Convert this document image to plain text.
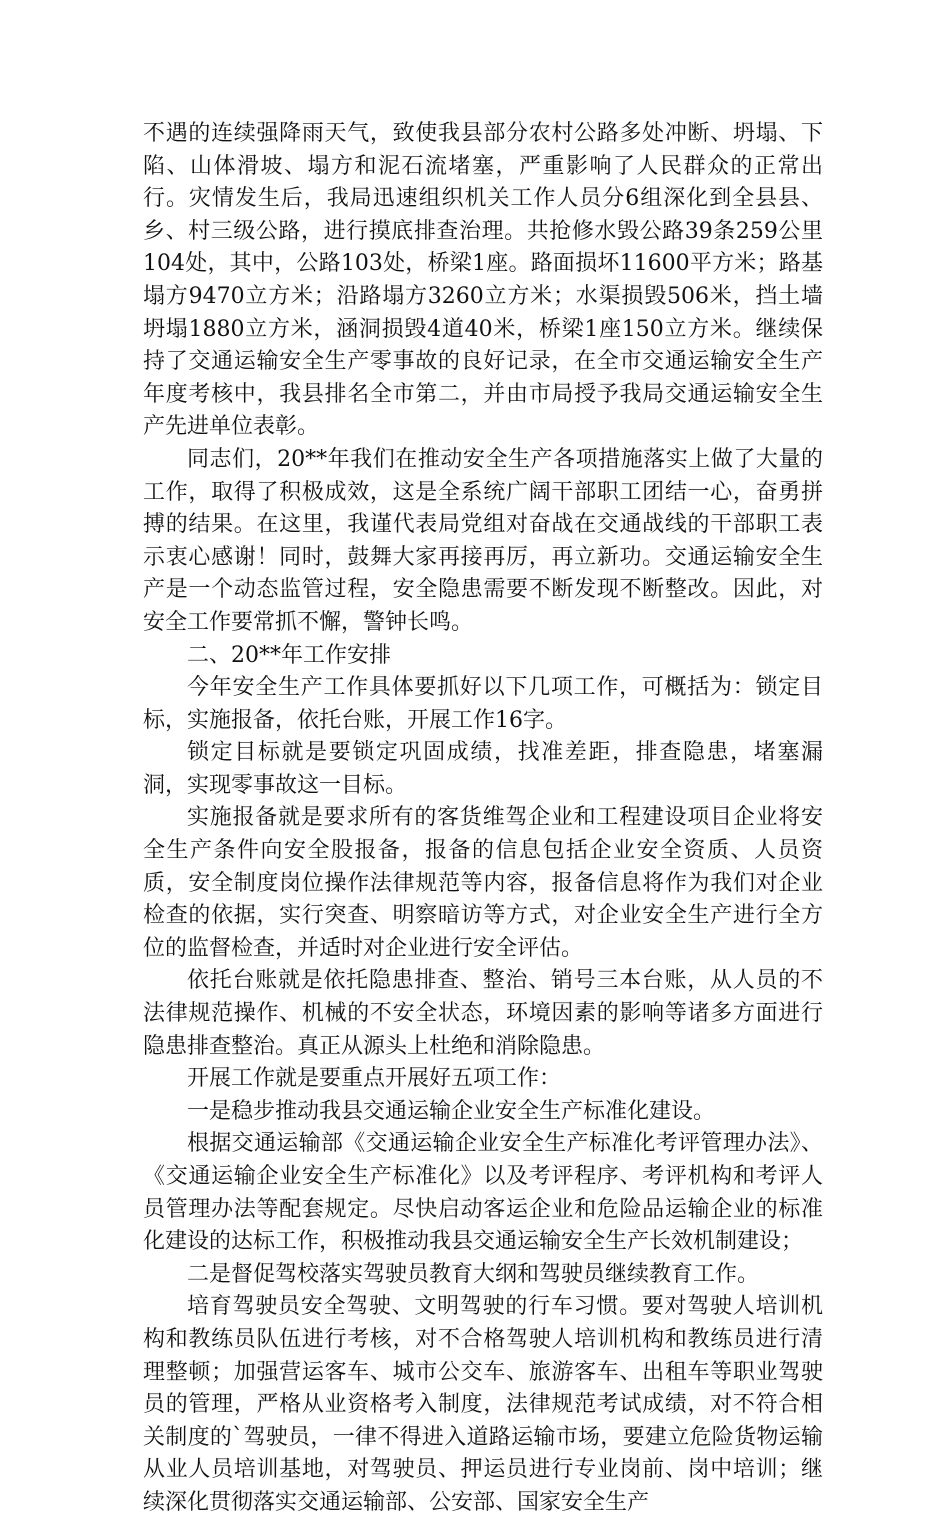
不遇的连续强降雨天气，致使我县部分农村公路多处冲断、坍塌、下陷、山体滑坡、塌方和泥石流堵塞，严重影响了人民群众的正常出行。灾情发生后，我局迅速组织机关工作人员分6组深化到全县县、乡、村三级公路，进行摸底排查治理。共抢修水毁公路39条259公里104处，其中，公路103处，桥梁1座。路面损坏11600平方米；路基塌方9470立方米；沿路塌方3260立方米；水渠损毁506米，挡土墙坍塌1880立方米，涵洞损毁4道40米，桥梁1座150立方米。继续保持了交通运输安全生产零事故的良好记录，在全市交通运输安全生产年度考核中，我县排名全市第二，并由市局授予我局交通运输安全生产先进单位表彰。

同志们，20**年我们在推动安全生产各项措施落实上做了大量的工作，取得了积极成效，这是全系统广阔干部职工团结一心，奋勇拼搏的结果。在这里，我谨代表局党组对奋战在交通战线的干部职工表示衷心感谢！同时，鼓舞大家再接再厉，再立新功。交通运输安全生产是一个动态监管过程，安全隐患需要不断发现不断整改。因此，对安全工作要常抓不懈，警钟长鸣。

二、20**年工作安排

今年安全生产工作具体要抓好以下几项工作，可概括为：锁定目标，实施报备，依托台账，开展工作16字。

锁定目标就是要锁定巩固成绩，找准差距，排查隐患，堵塞漏洞，实现零事故这一目标。

实施报备就是要求所有的客货维驾企业和工程建设项目企业将安全生产条件向安全股报备，报备的信息包括企业安全资质、人员资质，安全制度岗位操作法律规范等内容，报备信息将作为我们对企业检查的依据，实行突查、明察暗访等方式，对企业安全生产进行全方位的监督检查，并适时对企业进行安全评估。

依托台账就是依托隐患排查、整治、销号三本台账，从人员的不法律规范操作、机械的不安全状态，环境因素的影响等诸多方面进行隐患排查整治。真正从源头上杜绝和消除隐患。

开展工作就是要重点开展好五项工作：

一是稳步推动我县交通运输企业安全生产标准化建设。

根据交通运输部《交通运输企业安全生产标准化考评管理办法》、《交通运输企业安全生产标准化》以及考评程序、考评机构和考评人员管理办法等配套规定。尽快启动客运企业和危险品运输企业的标准化建设的达标工作，积极推动我县交通运输安全生产长效机制建设；

二是督促驾校落实驾驶员教育大纲和驾驶员继续教育工作。

培育驾驶员安全驾驶、文明驾驶的行车习惯。要对驾驶人培训机构和教练员队伍进行考核，对不合格驾驶人培训机构和教练员进行清理整顿；加强营运客车、城市公交车、旅游客车、出租车等职业驾驶员的管理，严格从业资格考入制度，法律规范考试成绩，对不符合相关制度的`驾驶员，一律不得进入道路运输市场，要建立危险货物运输从业人员培训基地，对驾驶员、押运员进行专业岗前、岗中培训；继续深化贯彻落实交通运输部、公安部、国家安全生产
